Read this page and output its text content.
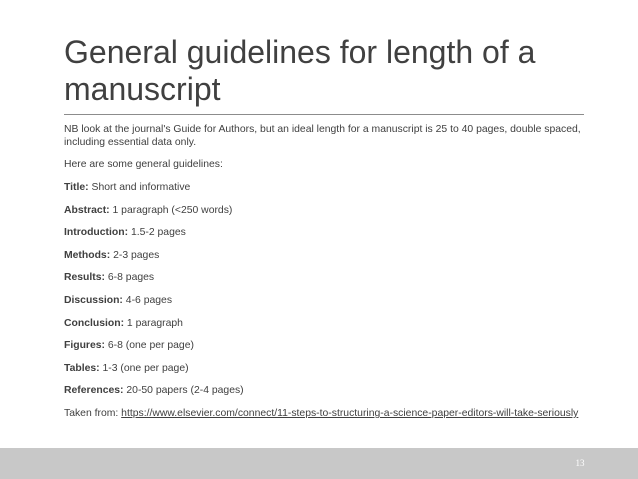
General guidelines for length of a manuscript

NB look at the journal's Guide for Authors, but an ideal length for a manuscript is 25 to 40 pages, double spaced, including essential data only.

Here are some general guidelines:

Title: Short and informative
Abstract: 1 paragraph (<250 words)
Introduction: 1.5-2 pages
Methods: 2-3 pages
Results: 6-8 pages
Discussion: 4-6 pages
Conclusion: 1 paragraph
Figures: 6-8 (one per page)
Tables: 1-3 (one per page)
References: 20-50 papers (2-4 pages)

Taken from: https://www.elsevier.com/connect/11-steps-to-structuring-a-science-paper-editors-will-take-seriously

13
